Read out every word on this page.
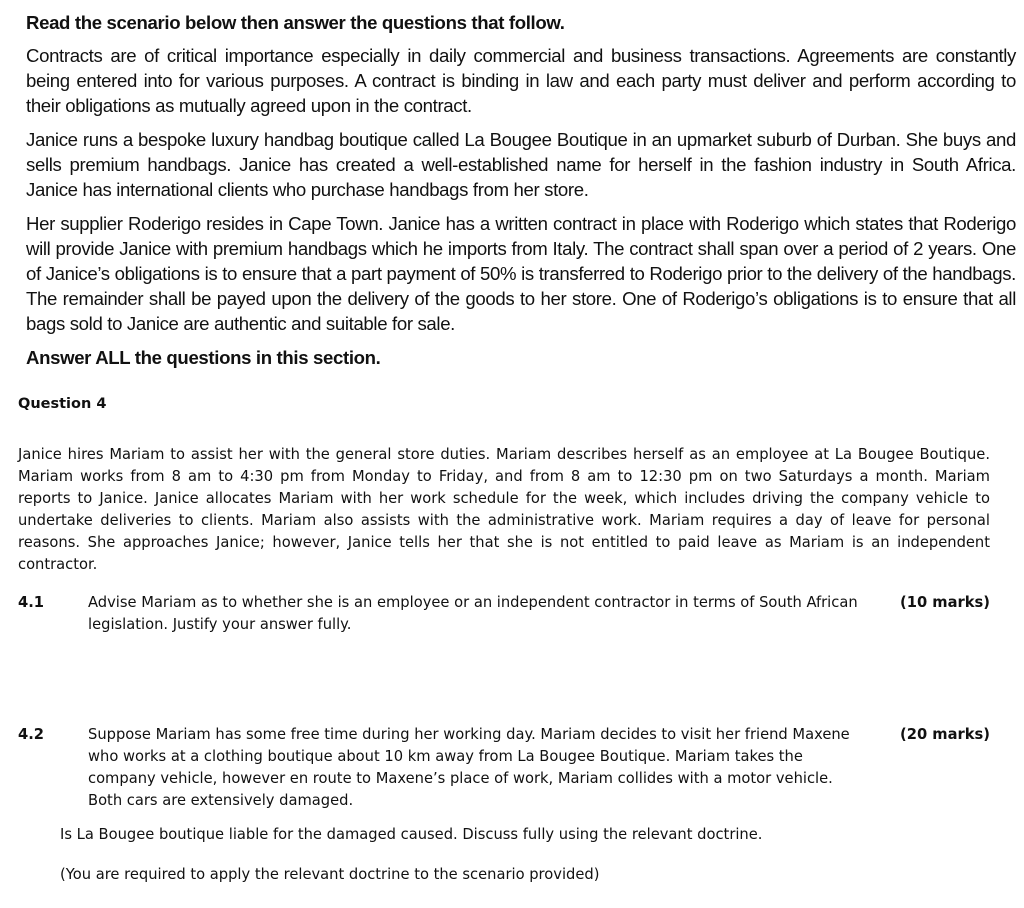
Read the scenario below then answer the questions that follow.

Contracts are of critical importance especially in daily commercial and business transactions. Agreements are constantly being entered into for various purposes. A contract is binding in law and each party must deliver and perform according to their obligations as mutually agreed upon in the contract.

Janice runs a bespoke luxury handbag boutique called La Bougee Boutique in an upmarket suburb of Durban. She buys and sells premium handbags. Janice has created a well-established name for herself in the fashion industry in South Africa. Janice has international clients who purchase handbags from her store.

Her supplier Roderigo resides in Cape Town. Janice has a written contract in place with Roderigo which states that Roderigo will provide Janice with premium handbags which he imports from Italy. The contract shall span over a period of 2 years. One of Janice’s obligations is to ensure that a part payment of 50% is transferred to Roderigo prior to the delivery of the handbags. The remainder shall be payed upon the delivery of the goods to her store. One of Roderigo’s obligations is to ensure that all bags sold to Janice are authentic and suitable for sale.

Answer ALL the questions in this section.

Question 4

Janice hires Mariam to assist her with the general store duties. Mariam describes herself as an employee at La Bougee Boutique. Mariam works from 8 am to 4:30 pm from Monday to Friday, and from 8 am to 12:30 pm on two Saturdays a month. Mariam reports to Janice. Janice allocates Mariam with her work schedule for the week, which includes driving the company vehicle to undertake deliveries to clients. Mariam also assists with the administrative work. Mariam requires a day of leave for personal reasons. She approaches Janice; however, Janice tells her that she is not entitled to paid leave as Mariam is an independent contractor.

4.1	Advise Mariam as to whether she is an employee or an independent contractor in terms of South African legislation. Justify your answer fully.
(10 marks)
4.2	Suppose Mariam has some free time during her working day. Mariam decides to visit her friend Maxene who works at a clothing boutique about 10 km away from La Bougee Boutique. Mariam takes the company vehicle, however en route to Maxene’s place of work, Mariam collides with a motor vehicle. Both cars are extensively damaged.
(20 marks)

Is La Bougee boutique liable for the damaged caused. Discuss fully using the relevant doctrine.

(You are required to apply the relevant doctrine to the scenario provided)
